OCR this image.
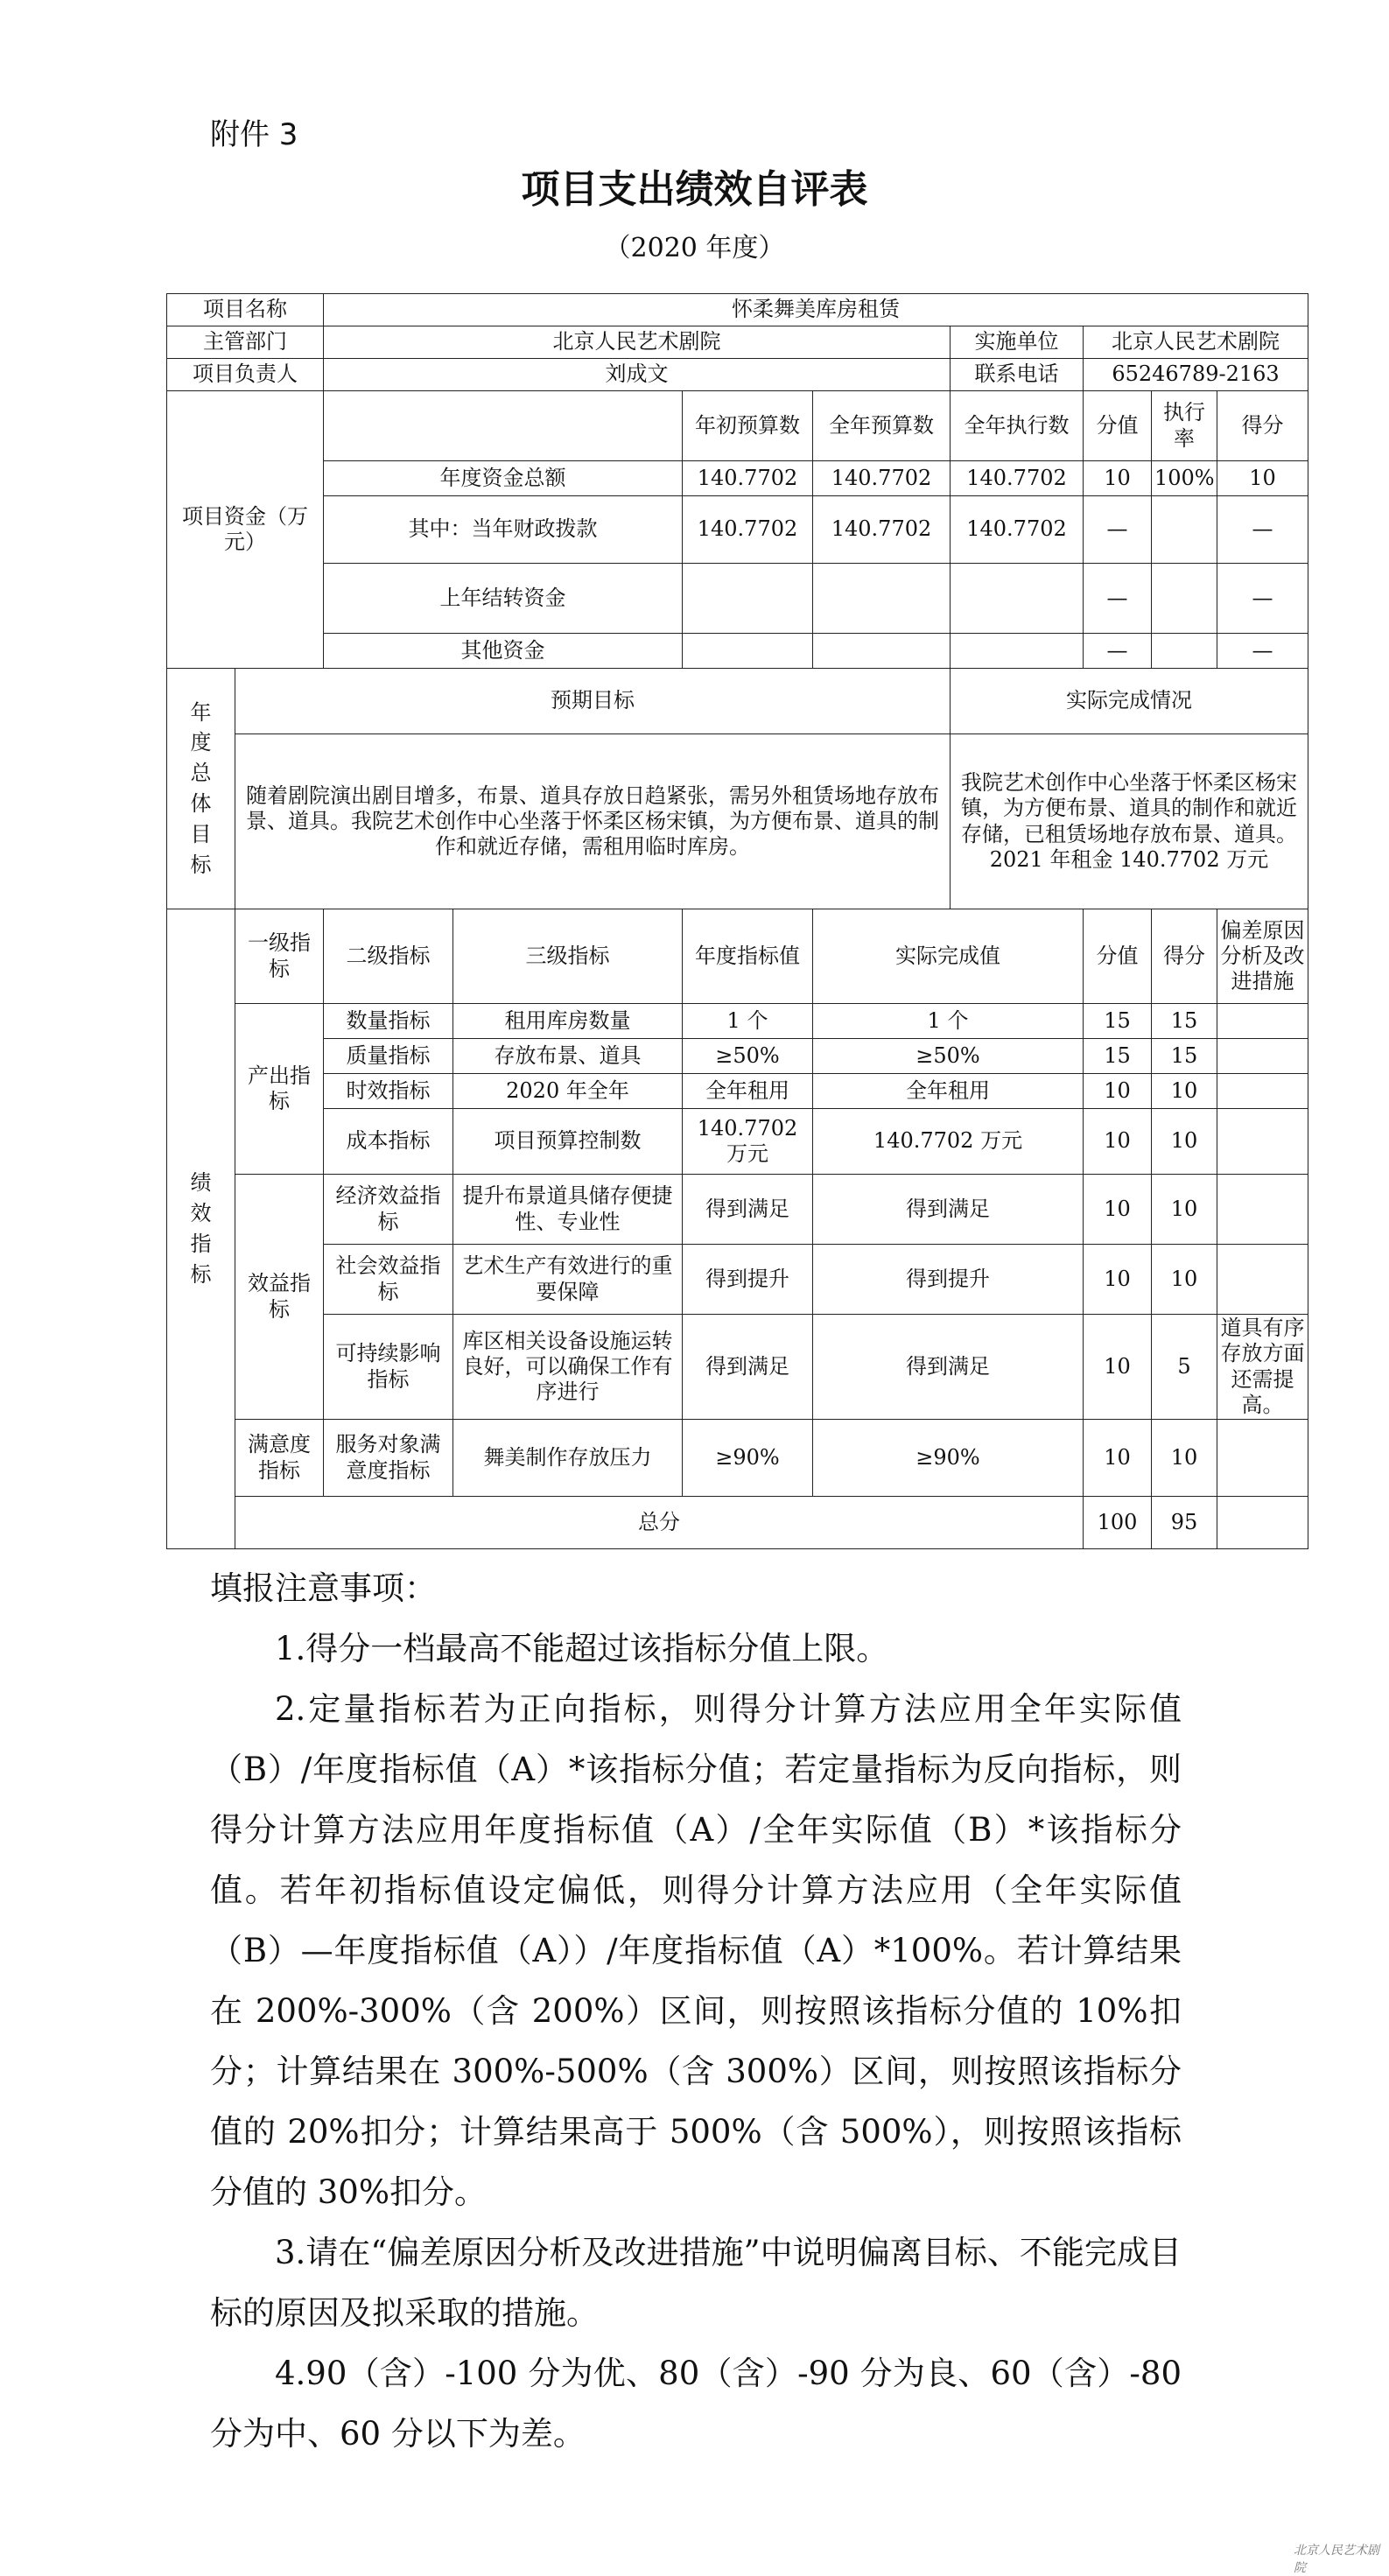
附件 3
项目支出绩效自评表
（2020 年度）
项目名称		怀柔舞美库房租赁							
主管部门		北京人民艺术剧院				实施单位	北京人民艺术剧院		
项目负责人		刘成文				联系电话	65246789-2163		
项目资金（万元）				年初预算数	全年预算数	全年执行数	分值	执行率	得分
		年度资金总额		140.7702	140.7702	140.7702	10	100%	10
		其中：当年财政拨款		140.7702	140.7702	140.7702	—		—
		上年结转资金					—		—
		其他资金					—		—
年度总体目标	预期目标					实际完成情况			
	随着剧院演出剧目增多，布景、道具存放日趋紧张，需另外租赁场地存放布景、道具。我院艺术创作中心坐落于怀柔区杨宋镇，为方便布景、道具的制作和就近存储，需租用临时库房。					我院艺术创作中心坐落于怀柔区杨宋镇，为方便布景、道具的制作和就近存储，已租赁场地存放布景、道具。2021 年租金 140.7702 万元			
绩效指标	一级指标	二级指标	三级指标	年度指标值	实际完成值		分值	得分	偏差原因分析及改进措施
	产出指标	数量指标	租用库房数量	1 个	1 个		15	15	
		质量指标	存放布景、道具	≥50%	≥50%		15	15	
		时效指标	2020 年全年	全年租用	全年租用		10	10	
		成本指标	项目预算控制数	140.7702 万元	140.7702 万元		10	10	
	效益指标	经济效益指标	提升布景道具储存便捷性、专业性	得到满足	得到满足		10	10	
		社会效益指标	艺术生产有效进行的重要保障	得到提升	得到提升		10	10	
		可持续影响指标	库区相关设备设施运转良好，可以确保工作有序进行	得到满足	得到满足		10	5	道具有序存放方面还需提高。
	满意度指标	服务对象满意度指标	舞美制作存放压力	≥90%	≥90%		10	10	
	总分						100	95	
填报注意事项：
1.得分一档最高不能超过该指标分值上限。
2.定量指标若为正向指标，则得分计算方法应用全年实际值（B）/年度指标值（A）*该指标分值；若定量指标为反向指标，则得分计算方法应用年度指标值（A）/全年实际值（B）*该指标分值。若年初指标值设定偏低，则得分计算方法应用（全年实际值（B）—年度指标值（A））/年度指标值（A）*100%。若计算结果在 200%-300%（含 200%）区间，则按照该指标分值的 10%扣分；计算结果在 300%-500%（含 300%）区间，则按照该指标分值的 20%扣分；计算结果高于 500%（含 500%），则按照该指标分值的 30%扣分。
3.请在“偏差原因分析及改进措施”中说明偏离目标、不能完成目标的原因及拟采取的措施。
4.90（含）-100 分为优、80（含）-90 分为良、60（含）-80 分为中、60 分以下为差。
北京人民艺术剧院
